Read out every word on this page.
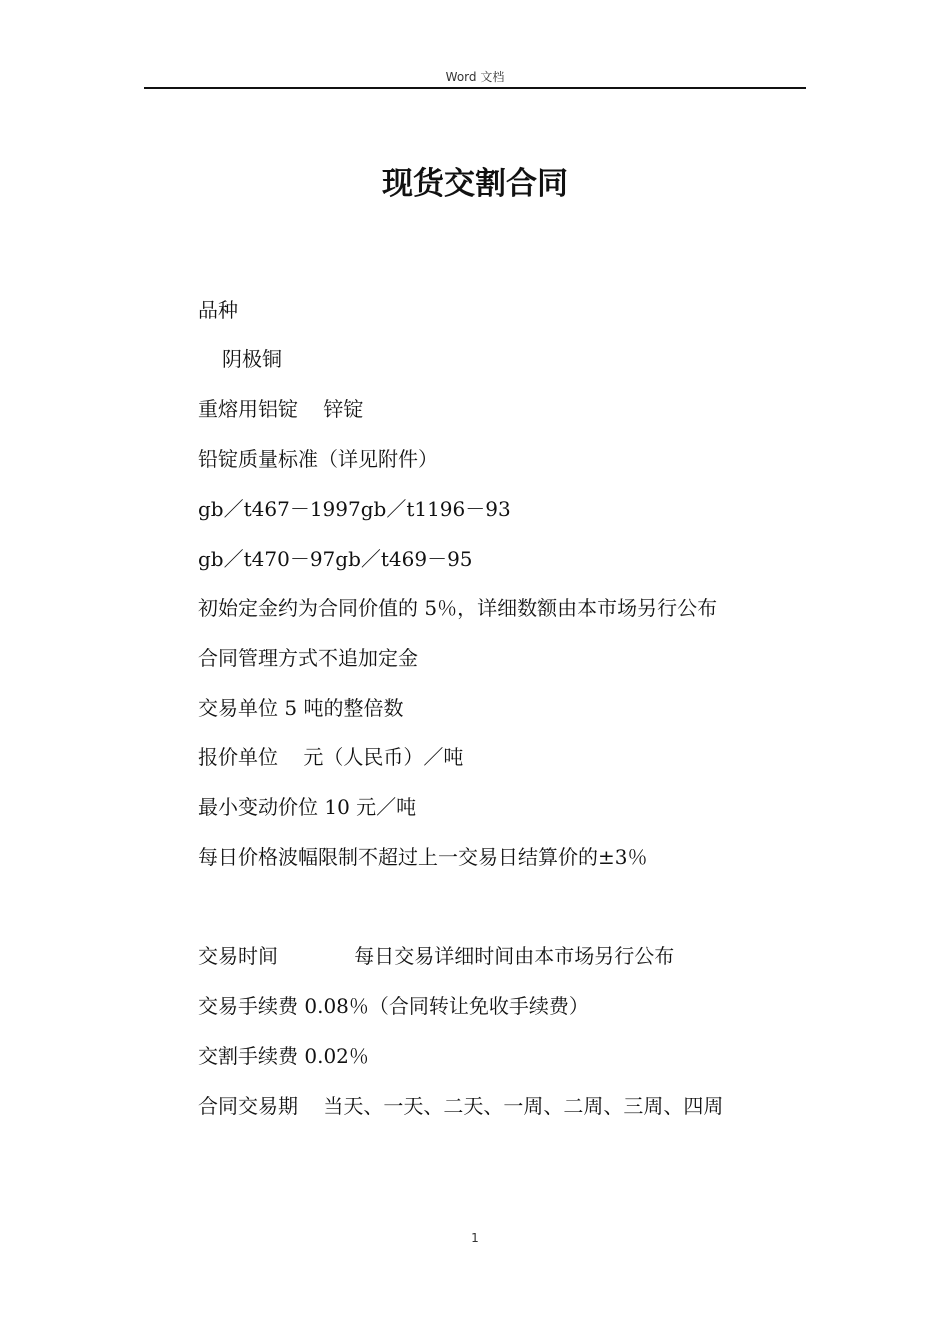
Word 文档
现货交割合同
品种
阴极铜
重熔用铝锭    锌锭
铅锭质量标准（详见附件）
gb／t467－1997gb／t1196－93
gb／t470－97gb／t469－95
初始定金约为合同价值的 5％，详细数额由本市场另行公布
合同管理方式不追加定金
交易单位 5 吨的整倍数
报价单位    元（人民币）／吨
最小变动价位 10 元／吨
每日价格波幅限制不超过上一交易日结算价的±3％
交易时间            每日交易详细时间由本市场另行公布
交易手续费 0.08％（合同转让免收手续费）
交割手续费 0.02％
合同交易期    当天、一天、二天、一周、二周、三周、四周
1
